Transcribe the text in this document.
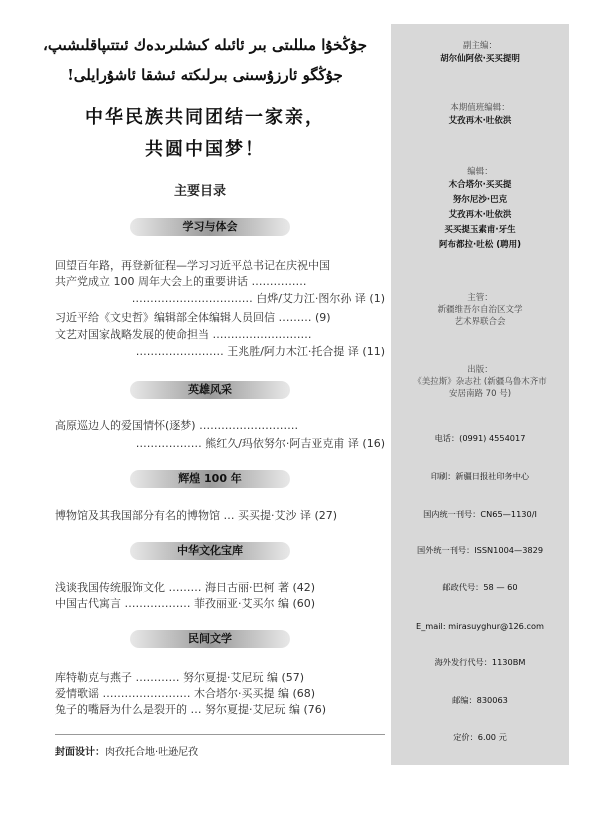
جۇڭخۇا مىللىتى بىر ئائىلە كىشلىرىدەك ئىتتىپاقلىشىپ،
جۇڭگو ئارزۇسىنى بىرلىكتە ئىشقا ئاشۇرايلى!
中华民族共同团结一家亲，
共圆中国梦！
主要目录
学习与体会
回望百年路，再登新征程—学习习近平总书记在庆祝中国
共产党成立 100 周年大会上的重要讲话 ……………
…………………………… 白烨/艾力江·图尔孙 译 (1)
习近平给《文史哲》编辑部全体编辑人员回信 ……… (9)
文艺对国家战略发展的使命担当 ………………………
…………………… 王兆胜/阿力木江·托合提 译 (11)
英雄风采
高原巡边人的爱国情怀(逐梦) ………………………
……………… 熊红久/玛依努尔·阿吉亚克甫 译 (16)
辉煌 100 年
博物馆及其我国部分有名的博物馆 … 买买提·艾沙 译 (27)
中华文化宝库
浅谈我国传统服饰文化 ……… 海日古丽·巴柯 著 (42)
中国古代寓言 ……………… 菲孜丽亚·艾买尔 编 (60)
民间文学
库特勒克与燕子 ………… 努尔夏提·艾尼玩 编 (57)
爱情歌谣 …………………… 木合塔尔·买买提 编 (68)
兔子的嘴唇为什么是裂开的 … 努尔夏提·艾尼玩 编 (76)
封面设计：肉孜托合地·吐逊尼孜
副主编：
胡尔仙阿依·买买提明
本期值班编辑：
艾孜再木·吐依洪
编辑：
木合塔尔·买买提
努尔尼沙·巴克
艾孜再木·吐依洪
买买提玉素甫·牙生
阿布都拉·吐松 (聘用)
主管：
新疆维吾尔自治区文学
艺术界联合会
出版：
《美拉斯》杂志社 (新疆乌鲁木齐市
安居南路 70 号)
电话：(0991) 4554017
印刷：新疆日报社印务中心
国内统一刊号：CN65—1130/I
国外统一刊号：ISSN1004—3829
邮政代号：58 — 60
E_mail: mirasuyghur@126.com
海外发行代号：1130BM
邮编：830063
定价：6.00 元
